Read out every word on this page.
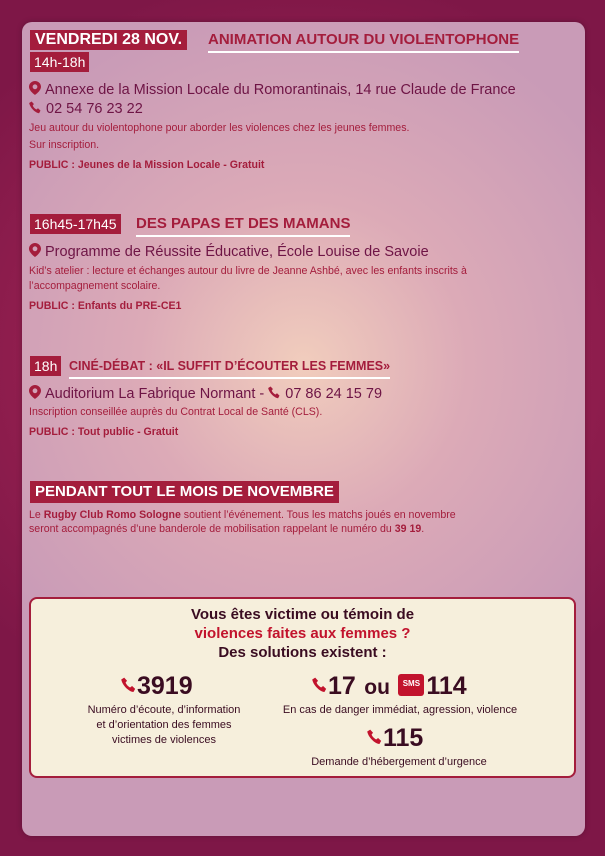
VENDREDI 28 NOV.	ANIMATION AUTOUR DU VIOLENTOPHONE
14h-18h
Annexe de la Mission Locale du Romorantinais, 14 rue Claude de France
02 54 76 23 22
Jeu autour du violentophone pour aborder les violences chez les jeunes femmes.
Sur inscription.
PUBLIC : Jeunes de la Mission Locale - Gratuit
16h45-17h45 DES PAPAS ET DES MAMANS
Programme de Réussite Éducative, École Louise de Savoie
Kid’s atelier : lecture et échanges autour du livre de Jeanne Ashbé, avec les enfants inscrits à
l’accompagnement scolaire.
PUBLIC : Enfants du PRE-CE1
18h CINÉ-DÉBAT : «IL SUFFIT D’ÉCOUTER LES FEMMES»
Auditorium La Fabrique Normant - 07 86 24 15 79
Inscription conseillée auprès du Contrat Local de Santé (CLS).
PUBLIC : Tout public - Gratuit
PENDANT TOUT LE MOIS DE NOVEMBRE
Le Rugby Club Romo Sologne soutient l’événement. Tous les matchs joués en novembre
seront accompagnés d’une banderole de mobilisation rappelant le numéro du 39 19.
Vous êtes victime ou témoin de
violences faites aux femmes ?
Des solutions existent :
3919
Numéro d’écoute, d’information
et d’orientation des femmes
victimes de violences
17 ou	SMS 114
En cas de danger immédiat, agression, violence
115
Demande d’hébergement d’urgence
